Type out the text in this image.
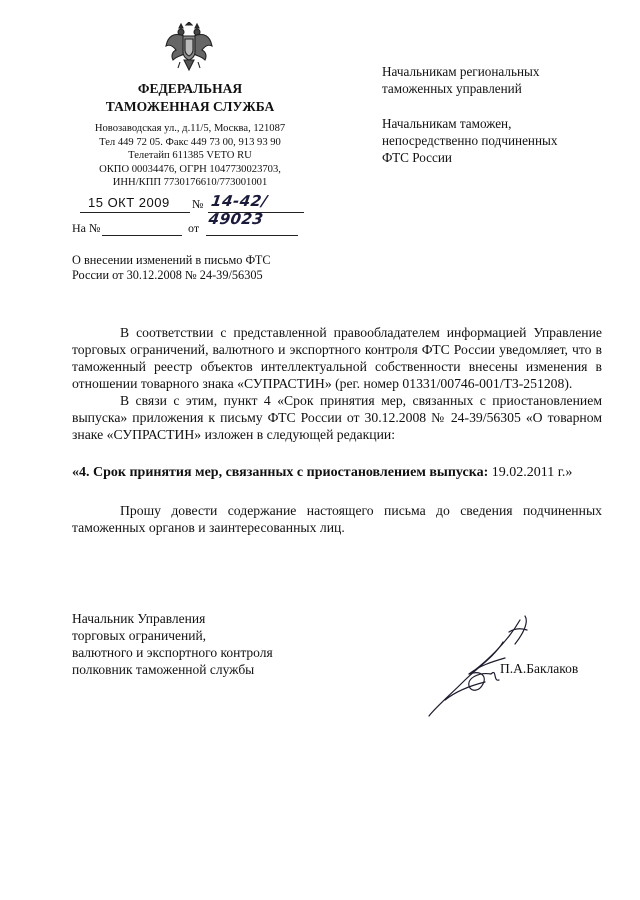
ФЕДЕРАЛЬНАЯ
ТАМОЖЕННАЯ СЛУЖБА
Новозаводская ул., д.11/5, Москва, 121087
Тел 449 72 05. Факс 449 73 00, 913 93 90
Телетайп 611385 VETO RU
ОКПО 00034476, ОГРН 1047730023703,
ИНН/КПП 7730176610/773001001
15 ОКТ 2009 № 14-42/ 49023
На №	от
О внесении изменений в письмо ФТС
России от 30.12.2008 № 24-39/56305
Начальникам региональных
таможенных управлений
Начальникам таможен,
непосредственно подчиненных
ФТС России

В соответствии с представленной правообладателем информацией Управление торговых ограничений, валютного и экспортного контроля ФТС России уведомляет, что в таможенный реестр объектов интеллектуальной собственности внесены изменения в отношении товарного знака «СУПРАСТИН» (рег. номер 01331/00746-001/ТЗ-251208).

В связи с этим, пункт 4 «Срок принятия мер, связанных с приостановлением выпуска» приложения к письму ФТС России от 30.12.2008 № 24-39/56305 «О товарном знаке «СУПРАСТИН» изложен в следующей редакции:

«4. Срок принятия мер, связанных с приостановлением выпуска: 19.02.2011 г.»

Прошу довести содержание настоящего письма до сведения подчиненных таможенных органов и заинтересованных лиц.

Начальник Управления
торговых ограничений,
валютного и экспортного контроля
полковник таможенной службы	П.А.Баклаков
